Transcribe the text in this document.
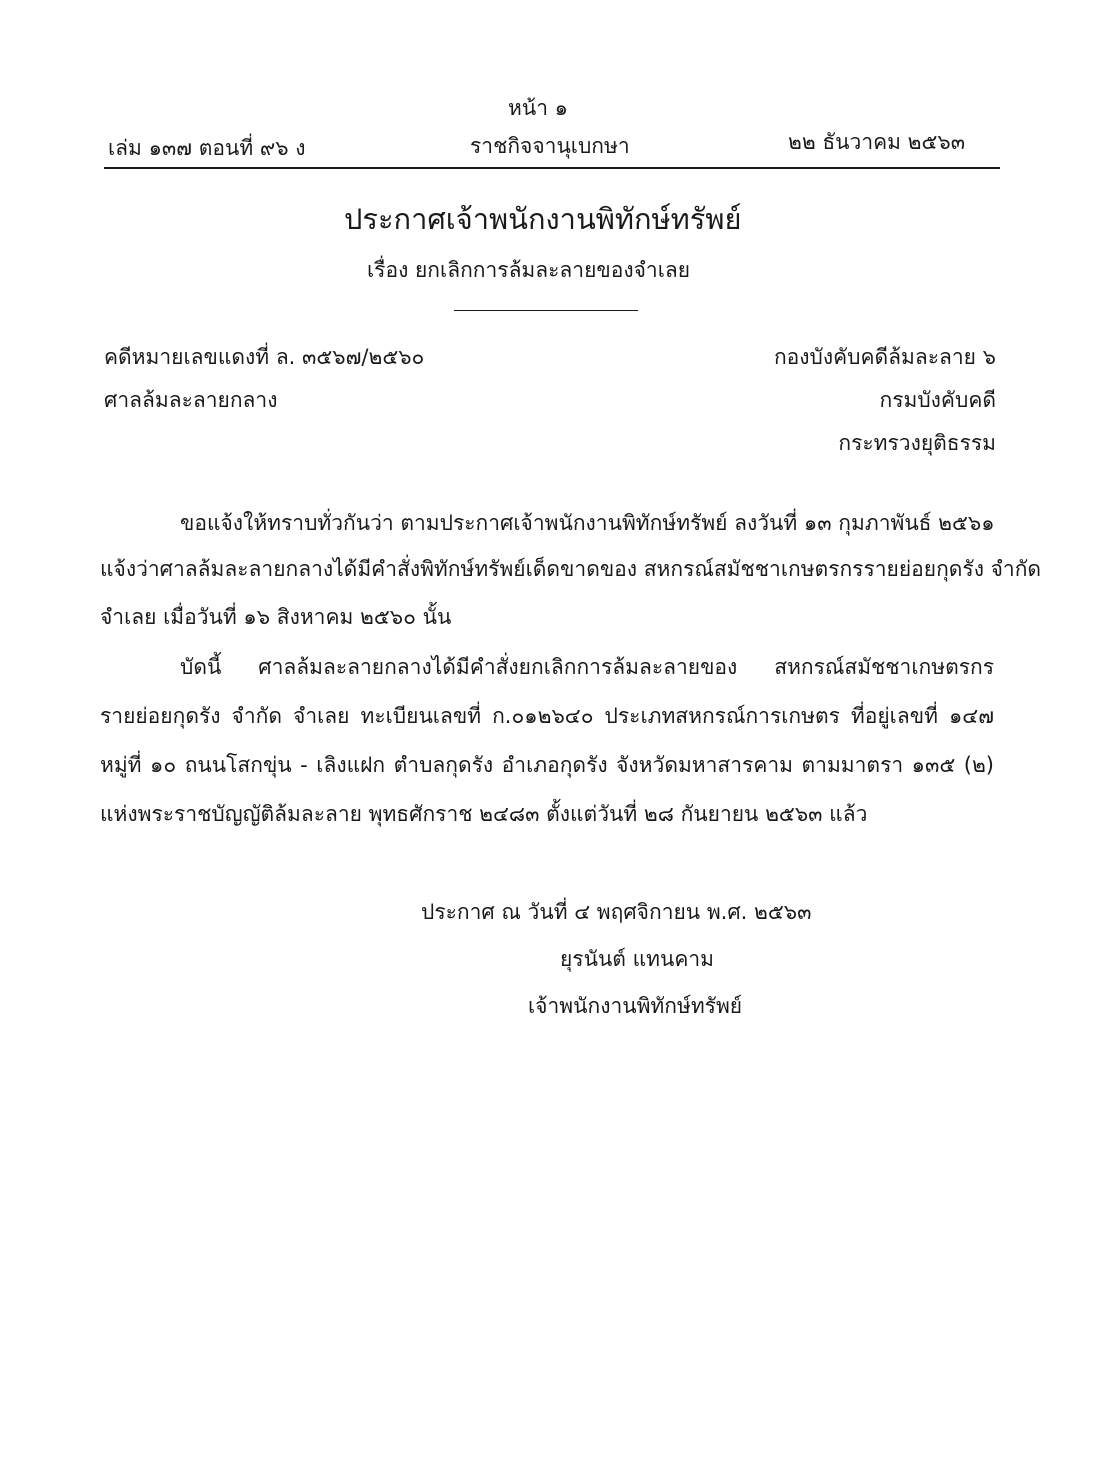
หน้า ๑
เล่ม ๑๓๗ ตอนที่ ๙๖ ง	ราชกิจจานุเบกษา	๒๒ ธันวาคม ๒๕๖๓
ประกาศเจ้าพนักงานพิทักษ์ทรัพย์
เรื่อง ยกเลิกการล้มละลายของจำเลย
คดีหมายเลขแดงที่ ล. ๓๕๖๗/๒๕๖๐
ศาลล้มละลายกลาง
กองบังคับคดีล้มละลาย ๖
กรมบังคับคดี
กระทรวงยุติธรรม
ขอแจ้งให้ทราบทั่วกันว่า ตามประกาศเจ้าพนักงานพิทักษ์ทรัพย์ ลงวันที่ ๑๓ กุมภาพันธ์ ๒๕๖๑
แจ้งว่าศาลล้มละลายกลางได้มีคำสั่งพิทักษ์ทรัพย์เด็ดขาดของ สหกรณ์สมัชชาเกษตรกรรายย่อยกุดรัง จำกัด
จำเลย เมื่อวันที่ ๑๖ สิงหาคม ๒๕๖๐ นั้น
บัดนี้ ศาลล้มละลายกลางได้มีคำสั่งยกเลิกการล้มละลายของ สหกรณ์สมัชชาเกษตรกร
รายย่อยกุดรัง จำกัด จำเลย ทะเบียนเลขที่ ก.๐๑๒๖๔๐ ประเภทสหกรณ์การเกษตร ที่อยู่เลขที่ ๑๔๗
หมู่ที่ ๑๐ ถนนโสกขุ่น - เลิงแฝก ตำบลกุดรัง อำเภอกุดรัง จังหวัดมหาสารคาม ตามมาตรา ๑๓๕ (๒)
แห่งพระราชบัญญัติล้มละลาย พุทธศักราช ๒๔๘๓ ตั้งแต่วันที่ ๒๘ กันยายน ๒๕๖๓ แล้ว
ประกาศ ณ วันที่ ๔ พฤศจิกายน พ.ศ. ๒๕๖๓
ยุรนันต์ แทนคาม
เจ้าพนักงานพิทักษ์ทรัพย์
